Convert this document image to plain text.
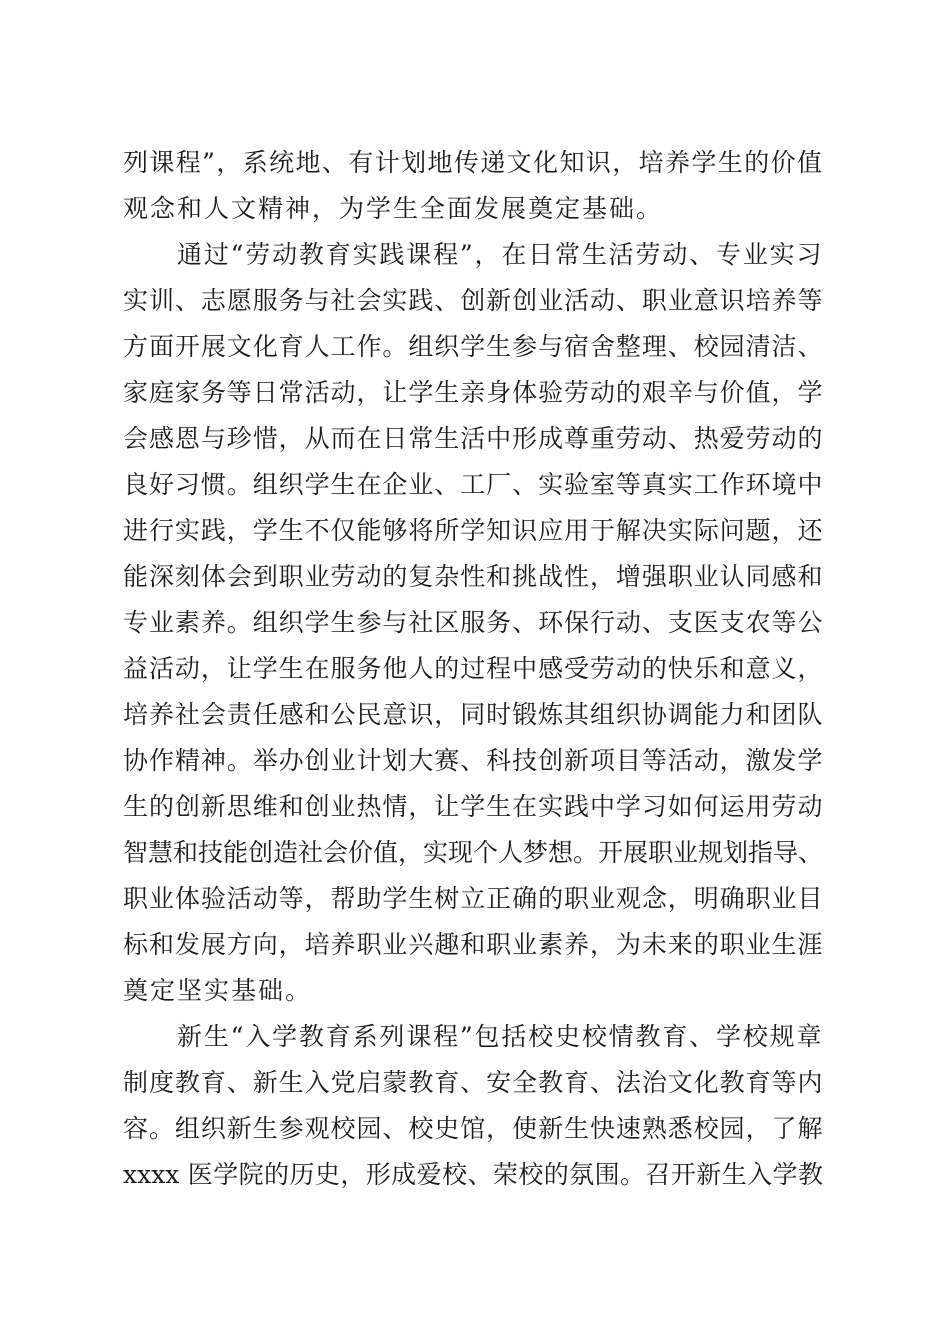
列课程”，系统地、有计划地传递文化知识，培养学生的价值
观念和人文精神，为学生全面发展奠定基础。
通过“劳动教育实践课程”，在日常生活劳动、专业实习
实训、志愿服务与社会实践、创新创业活动、职业意识培养等
方面开展文化育人工作。组织学生参与宿舍整理、校园清洁、
家庭家务等日常活动，让学生亲身体验劳动的艰辛与价值，学
会感恩与珍惜，从而在日常生活中形成尊重劳动、热爱劳动的
良好习惯。组织学生在企业、工厂、实验室等真实工作环境中
进行实践，学生不仅能够将所学知识应用于解决实际问题，还
能深刻体会到职业劳动的复杂性和挑战性，增强职业认同感和
专业素养。组织学生参与社区服务、环保行动、支医支农等公
益活动，让学生在服务他人的过程中感受劳动的快乐和意义，
培养社会责任感和公民意识，同时锻炼其组织协调能力和团队
协作精神。举办创业计划大赛、科技创新项目等活动，激发学
生的创新思维和创业热情，让学生在实践中学习如何运用劳动
智慧和技能创造社会价值，实现个人梦想。开展职业规划指导、
职业体验活动等，帮助学生树立正确的职业观念，明确职业目
标和发展方向，培养职业兴趣和职业素养，为未来的职业生涯
奠定坚实基础。
新生“入学教育系列课程”包括校史校情教育、学校规章
制度教育、新生入党启蒙教育、安全教育、法治文化教育等内
容。组织新生参观校园、校史馆，使新生快速熟悉校园，了解
xxxx 医学院的历史，形成爱校、荣校的氛围。召开新生入学教
